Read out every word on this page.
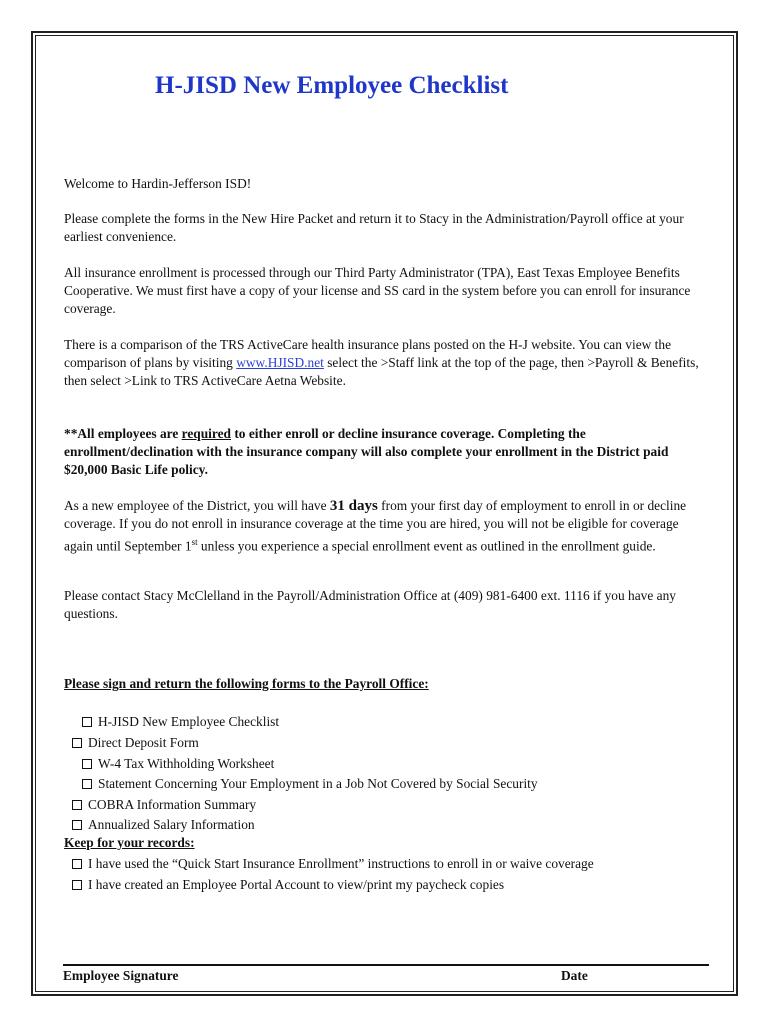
H-JISD New Employee Checklist

Welcome to Hardin-Jefferson ISD!

Please complete the forms in the New Hire Packet and return it to Stacy in the Administration/Payroll office at your earliest convenience.

All insurance enrollment is processed through our Third Party Administrator (TPA), East Texas Employee Benefits Cooperative. We must first have a copy of your license and SS card in the system before you can enroll for insurance coverage.

There is a comparison of the TRS ActiveCare health insurance plans posted on the H-J website. You can view the comparison of plans by visiting www.HJISD.net select the >Staff link at the top of the page, then >Payroll & Benefits, then select >Link to TRS ActiveCare Aetna Website.

**All employees are required to either enroll or decline insurance coverage. Completing the enrollment/declination with the insurance company will also complete your enrollment in the District paid $20,000 Basic Life policy.

As a new employee of the District, you will have 31 days from your first day of employment to enroll in or decline coverage. If you do not enroll in insurance coverage at the time you are hired, you will not be eligible for coverage again until September 1st unless you experience a special enrollment event as outlined in the enrollment guide.

Please contact Stacy McClelland in the Payroll/Administration Office at (409) 981-6400 ext. 1116 if you have any questions.

Please sign and return the following forms to the Payroll Office:

H-JISD New Employee Checklist
Direct Deposit Form
W-4 Tax Withholding Worksheet
Statement Concerning Your Employment in a Job Not Covered by Social Security
COBRA Information Summary
Annualized Salary Information

Keep for your records:

I have used the “Quick Start Insurance Enrollment” instructions to enroll in or waive coverage
I have created an Employee Portal Account to view/print my paycheck copies
Employee Signature	Date
